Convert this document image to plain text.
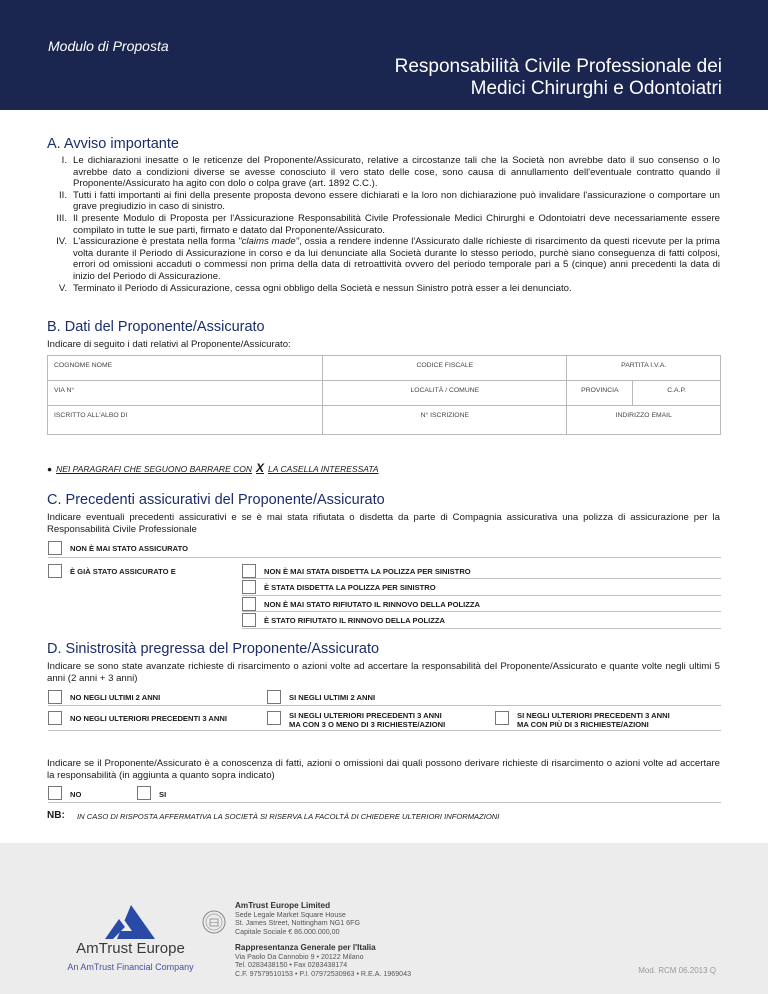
Modulo di Proposta
Responsabilità Civile Professionale dei
Medici Chirurghi e Odontoiatri
A. Avviso importante
I. Le dichiarazioni inesatte o le reticenze del Proponente/Assicurato, relative a circostanze tali che la Società non avrebbe dato il suo consenso o lo avrebbe dato a condizioni diverse se avesse conosciuto il vero stato delle cose, sono causa di annullamento dell'eventuale contratto quando il Proponente/Assicurato ha agito con dolo o colpa grave (art. 1892 C.C.).
II. Tutti i fatti importanti ai fini della presente proposta devono essere dichiarati e la loro non dichiarazione può invalidare l'assicurazione o comportare un grave pregiudizio in caso di sinistro.
III. Il presente Modulo di Proposta per l'Assicurazione Responsabilità Civile Professionale Medici Chirurghi e Odontoiatri deve necessariamente essere compilato in tutte le sue parti, firmato e datato dal Proponente/Assicurato.
IV. L'assicurazione è prestata nella forma "claims made", ossia a rendere indenne l'Assicurato dalle richieste di risarcimento da questi ricevute per la prima volta durante il Periodo di Assicurazione in corso e da lui denunciate alla Società durante lo stesso periodo, purchè siano conseguenza di fatti colposi, errori od omissioni accaduti o commessi non prima della data di retroattività ovvero del periodo temporale pari a 5 (cinque) anni precedenti la data di inizio del Periodo di Assicurazione.
V. Terminato il Periodo di Assicurazione, cessa ogni obbligo della Società e nessun Sinistro potrà esser a lei denunciato.
B. Dati del Proponente/Assicurato
Indicare di seguito i dati relativi al Proponente/Assicurato:
COGNOME NOME	CODICE FISCALE	PARTITA I.V.A.
VIA N°	LOCALITÀ / COMUNE	PROVINCIA	C.A.P.
ISCRITTO ALL'ALBO DI	N° ISCRIZIONE	INDIRIZZO EMAIL
● NEI PARAGRAFI CHE SEGUONO BARRARE CON X LA CASELLA INTERESSATA
C. Precedenti assicurativi del Proponente/Assicurato
Indicare eventuali precedenti assicurativi e se è mai stata rifiutata o disdetta da parte di Compagnia assicurativa una polizza di assicurazione per la Responsabilità Civile Professionale
NON È MAI STATO ASSICURATO
È GIÀ STATO ASSICURATO E	NON È MAI STATA DISDETTA LA POLIZZA PER SINISTRO
È STATA DISDETTA LA POLIZZA PER SINISTRO
NON È MAI STATO RIFIUTATO IL RINNOVO DELLA POLIZZA
È STATO RIFIUTATO IL RINNOVO DELLA POLIZZA
D. Sinistrosità pregressa del Proponente/Assicurato
Indicare se sono state avanzate richieste di risarcimento o azioni volte ad accertare la responsabilità del Proponente/Assicurato e quante volte negli ultimi 5 anni (2 anni + 3 anni)
NO NEGLI ULTIMI 2 ANNI	SI NEGLI ULTIMI 2 ANNI
NO NEGLI ULTERIORI PRECEDENTI 3 ANNI	SI NEGLI ULTERIORI PRECEDENTI 3 ANNI
MA CON 3 O MENO DI 3 RICHIESTE/AZIONI
SI NEGLI ULTERIORI PRECEDENTI 3 ANNI
MA CON PIÙ DI 3 RICHIESTE/AZIONI
Indicare se il Proponente/Assicurato è a conoscenza di fatti, azioni o omissioni dai quali possono derivare richieste di risarcimento o azioni volte ad accertare la responsabilità (in aggiunta a quanto sopra indicato)
NO	SI
NB: IN CASO DI RISPOSTA AFFERMATIVA LA SOCIETÀ SI RISERVA LA FACOLTÀ DI CHIEDERE ULTERIORI INFORMAZIONI
AmTrust Europe
An AmTrust Financial Company
AmTrust Europe Limited
Sede Legale Market Square House
St. James Street, Nottingham NG1 6FG
Capitale Sociale € 86.000.000,00
Rappresentanza Generale per l'Italia
Via Paolo Da Cannobio 9 • 20122 Milano
Tel. 0283438150 • Fax 0283438174
C.F. 97579510153 • P.I. 07972530963 • R.E.A. 1969043	Mod. RCM 06.2013 Q
